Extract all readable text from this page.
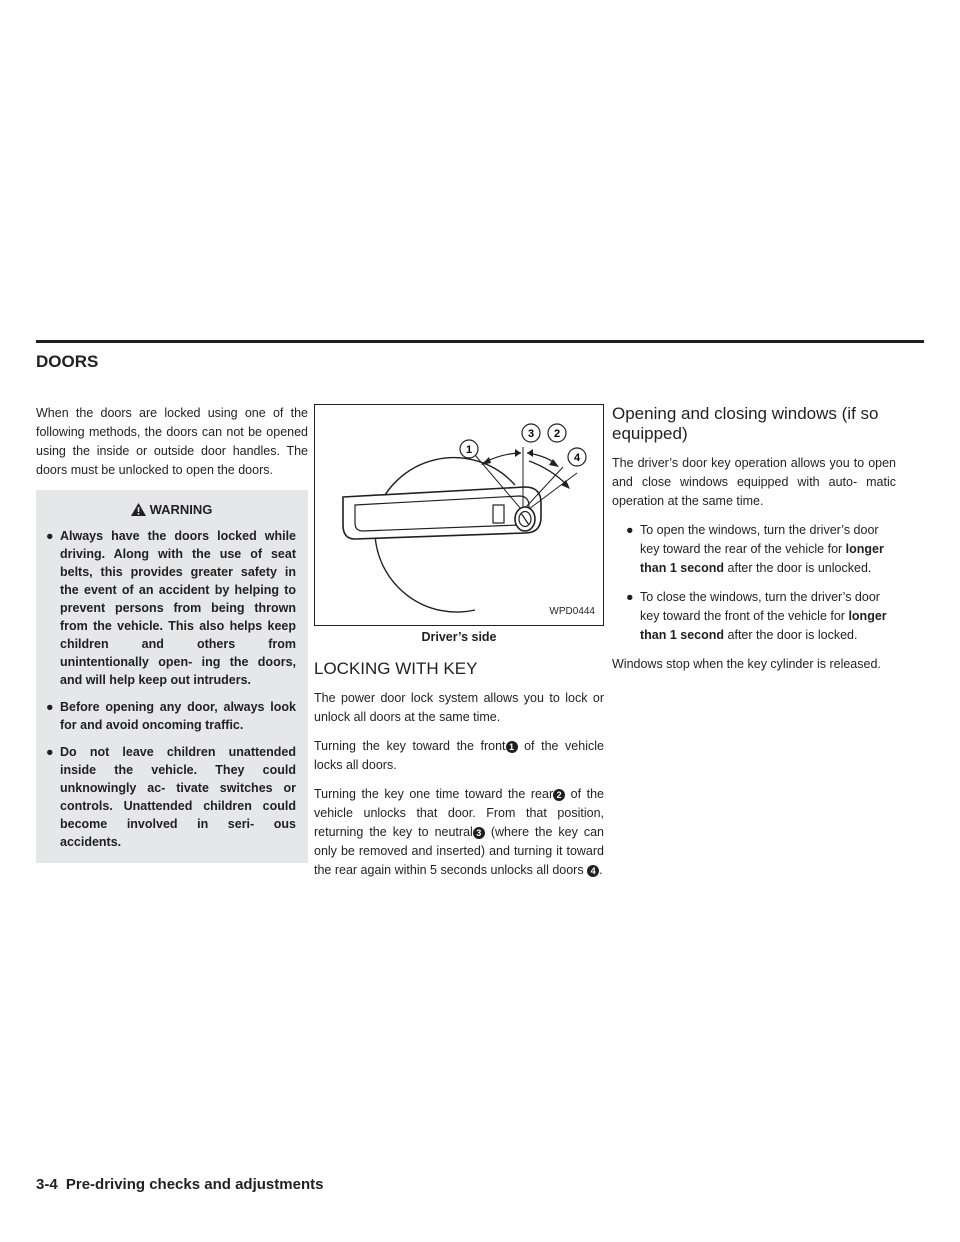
DOORS

When the doors are locked using one of the following methods, the doors can not be opened using the inside or outside door handles. The doors must be unlocked to open the doors.

WARNING
● Always have the doors locked while driving. Along with the use of seat belts, this provides greater safety in the event of an accident by helping to prevent persons from being thrown from the vehicle. This also helps keep children and others from unintentionally open- ing the doors, and will help keep out intruders.
● Before opening any door, always look for and avoid oncoming traffic.
● Do not leave children unattended inside the vehicle. They could unknowingly ac- tivate switches or controls. Unattended children could become involved in seri- ous accidents.
1
3 2
4
WPD0444
Driver’s side
LOCKING WITH KEY

The power door lock system allows you to lock or unlock all doors at the same time.

Turning the key toward the front 1 of the vehicle locks all doors.

Turning the key one time toward the rear 2 of the vehicle unlocks that door. From that position, returning the key to neutral 3 (where the key can only be removed and inserted) and turning it toward the rear again within 5 seconds unlocks all doors 4 .

Opening and closing windows (if so equipped)

The driver’s door key operation allows you to open and close windows equipped with auto- matic operation at the same time.

● To open the windows, turn the driver’s door key toward the rear of the vehicle for longer than 1 second after the door is unlocked.
● To close the windows, turn the driver’s door key toward the front of the vehicle for longer than 1 second after the door is locked.

Windows stop when the key cylinder is released.

3-4 Pre-driving checks and adjustments
